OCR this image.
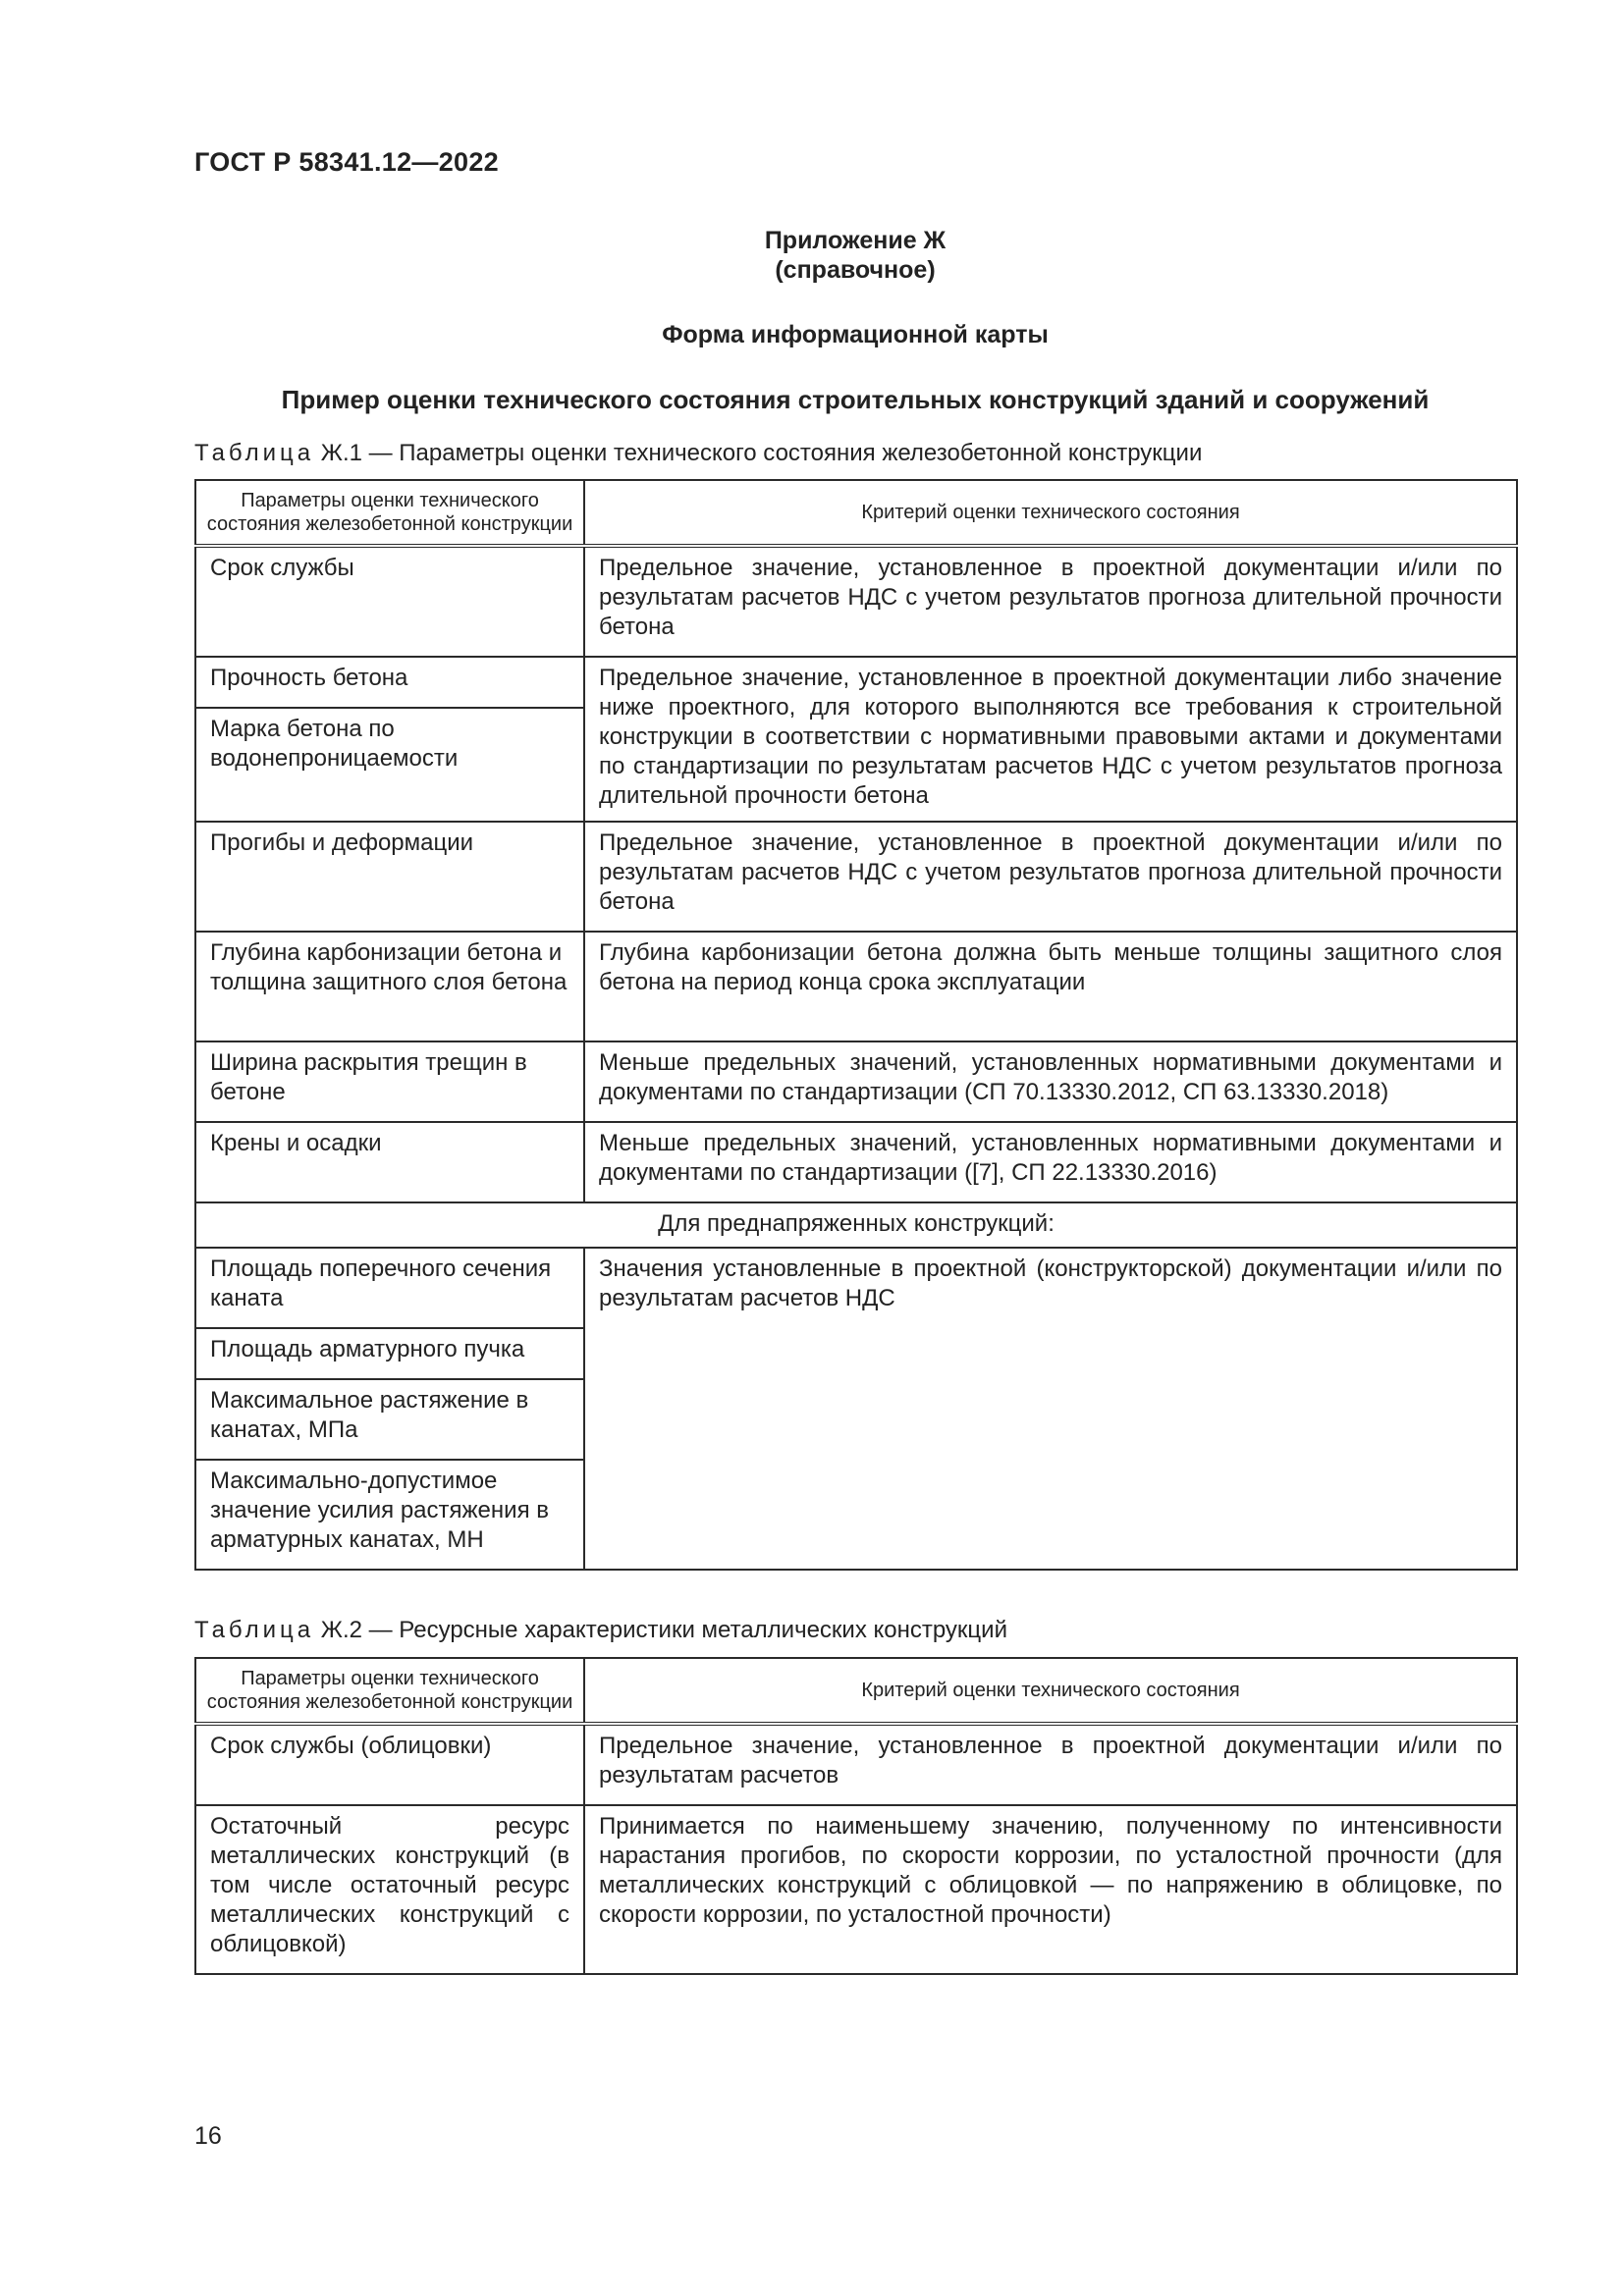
ГОСТ Р 58341.12—2022
Приложение Ж
(справочное)
Форма информационной карты
Пример оценки технического состояния строительных конструкций зданий и сооружений
Таблица Ж.1 — Параметры оценки технического состояния железобетонной конструкции
Параметры оценки технического состояния железобетонной конструкции	Критерий оценки технического состояния
Срок службы	Предельное значение, установленное в проектной документации и/или по результатам расчетов НДС с учетом результатов прогноза длительной прочности бетона
Прочность бетона	Предельное значение, установленное в проектной документации либо значение ниже проектного, для которого выполняются все требования к строительной конструкции в соответствии с нормативными правовыми актами и документами по стандартизации по результатам расчетов НДС с учетом результатов прогноза длительной прочности бетона
Марка бетона по водонепроницаемости	
Прогибы и деформации	Предельное значение, установленное в проектной документации и/или по результатам расчетов НДС с учетом результатов прогноза длительной прочности бетона
Глубина карбонизации бетона и толщина защитного слоя бетона	Глубина карбонизации бетона должна быть меньше толщины защитного слоя бетона на период конца срока эксплуатации
Ширина раскрытия трещин в бетоне	Меньше предельных значений, установленных нормативными документами и документами по стандартизации (СП 70.13330.2012, СП 63.13330.2018)
Крены и осадки	Меньше предельных значений, установленных нормативными документами и документами по стандартизации ([7], СП 22.13330.2016)
Для преднапряженных конструкций:	
Площадь поперечного сечения каната	Значения установленные в проектной (конструкторской) документации и/или по результатам расчетов НДС
Площадь арматурного пучка	
Максимальное растяжение в канатах, МПа	
Максимально-допустимое значение усилия растяжения в арматурных канатах, МН	
Таблица Ж.2 — Ресурсные характеристики металлических конструкций
Параметры оценки технического состояния железобетонной конструкции	Критерий оценки технического состояния
Срок службы (облицовки)	Предельное значение, установленное в проектной документации и/или по результатам расчетов
Остаточный ресурс металлических конструкций (в том числе остаточный ресурс металлических конструкций с облицовкой)	Принимается по наименьшему значению, полученному по интенсивности нарастания прогибов, по скорости коррозии, по усталостной прочности (для металлических конструкций с облицовкой — по напряжению в облицовке, по скорости коррозии, по усталостной прочности)
16
